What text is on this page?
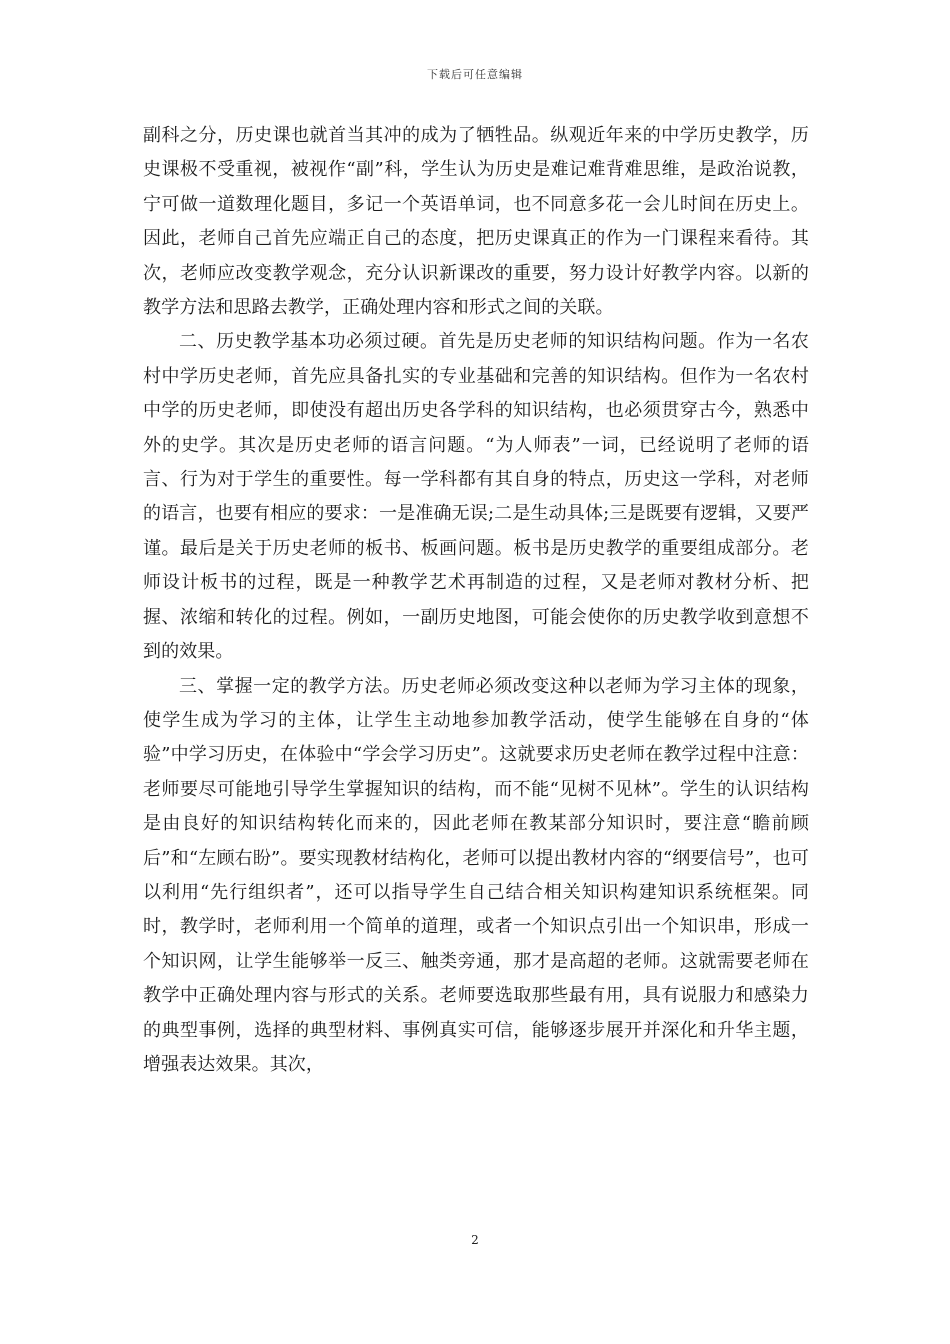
下载后可任意编辑

副科之分，历史课也就首当其冲的成为了牺牲品。纵观近年来的中学历史教学，历史课极不受重视，被视作“副”科，学生认为历史是难记难背难思维，是政治说教，宁可做一道数理化题目，多记一个英语单词，也不同意多花一会儿时间在历史上。因此，老师自己首先应端正自己的态度，把历史课真正的作为一门课程来看待。其次，老师应改变教学观念，充分认识新课改的重要，努力设计好教学内容。以新的教学方法和思路去教学，正确处理内容和形式之间的关联。

二、历史教学基本功必须过硬。首先是历史老师的知识结构问题。作为一名农村中学历史老师，首先应具备扎实的专业基础和完善的知识结构。但作为一名农村中学的历史老师，即使没有超出历史各学科的知识结构，也必须贯穿古今，熟悉中外的史学。其次是历史老师的语言问题。“为人师表”一词，已经说明了老师的语言、行为对于学生的重要性。每一学科都有其自身的特点，历史这一学科，对老师的语言，也要有相应的要求：一是准确无误;二是生动具体;三是既要有逻辑，又要严谨。最后是关于历史老师的板书、板画问题。板书是历史教学的重要组成部分。老师设计板书的过程，既是一种教学艺术再制造的过程，又是老师对教材分析、把握、浓缩和转化的过程。例如，一副历史地图，可能会使你的历史教学收到意想不到的效果。

三、掌握一定的教学方法。历史老师必须改变这种以老师为学习主体的现象，使学生成为学习的主体，让学生主动地参加教学活动，使学生能够在自身的“体验”中学习历史，在体验中“学会学习历史”。这就要求历史老师在教学过程中注意：老师要尽可能地引导学生掌握知识的结构，而不能“见树不见林”。学生的认识结构是由良好的知识结构转化而来的，因此老师在教某部分知识时，要注意“瞻前顾后”和“左顾右盼”。要实现教材结构化，老师可以提出教材内容的“纲要信号”，也可以利用“先行组织者”，还可以指导学生自己结合相关知识构建知识系统框架。同时，教学时，老师利用一个简单的道理，或者一个知识点引出一个知识串，形成一个知识网，让学生能够举一反三、触类旁通，那才是高超的老师。这就需要老师在教学中正确处理内容与形式的关系。老师要选取那些最有用，具有说服力和感染力的典型事例，选择的典型材料、事例真实可信，能够逐步展开并深化和升华主题，增强表达效果。其次，

2
